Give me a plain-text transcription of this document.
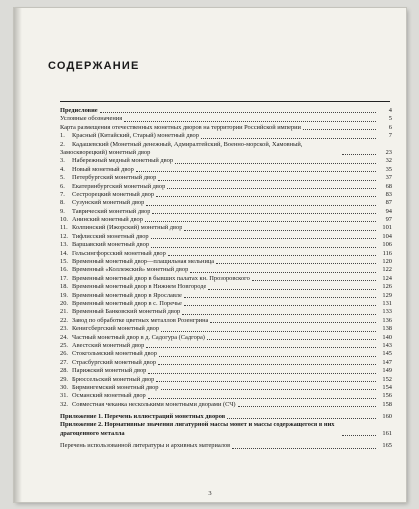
СОДЕРЖАНИЕ
Предисловие	4
Условные обозначения	5
Карта размещения отечественных монетных дворов на территории Российской империи	6
1. Красный (Китайский, Старый) монетный двор	7
2. Кадашевский (Монетный денежный, Адмиралтейский, Военно-морской, Хамовный, Замоскворецкий) монетный двор	23
3. Набережный медный монетный двор	32
4. Новый монетный двор	35
5. Петербургский монетный двор	37
6. Екатеринбургский монетный двор	68
7. Сестрорецкий монетный двор	83
8. Сузунский монетный двор	87
9. Таврический монетный двор	94
10. Анинский монетный двор	97
11. Колпинский (Ижорский) монетный двор	101
12. Тифлисский монетный двор	104
13. Варшавский монетный двор	106
14. Гельсингфорсский монетный двор	116
15. Временный монетный двор—плащильная мельница	120
16. Временный «Коллежский» монетный двор	122
17. Временный монетный двор в бывших палатах кн. Прозоровского	124
18. Временный монетный двор в Нижнем Новгороде	126
19. Временный монетный двор в Ярославле	129
20. Временный монетный двор в с. Поречье	131
21. Временный Банковский монетный двор	133
22. Завод по обработке цветных металлов Розенгрина	136
23. Кенигсбергский монетный двор	138
24. Частный монетный двор в д. Садогура (Садгора)	140
25. Авестский монетный двор	143
26. Стокгольмский монетный двор	145
27. Страсбургский монетный двор	147
28. Парижский монетный двор	149
29. Брюссельский монетный двор	152
30. Бирмингемский монетный двор	154
31. Османский монетный двор	156
32. Совместная чеканка несколькими монетными дворами (СЧ)	158
Приложение 1. Перечень иллюстраций монетных дворов	160
Приложение 2. Нормативные значения лигатурной массы монет и массы содержащегося в них драгоценного металла	161
Перечень использованной литературы и архивных материалов	165
3
